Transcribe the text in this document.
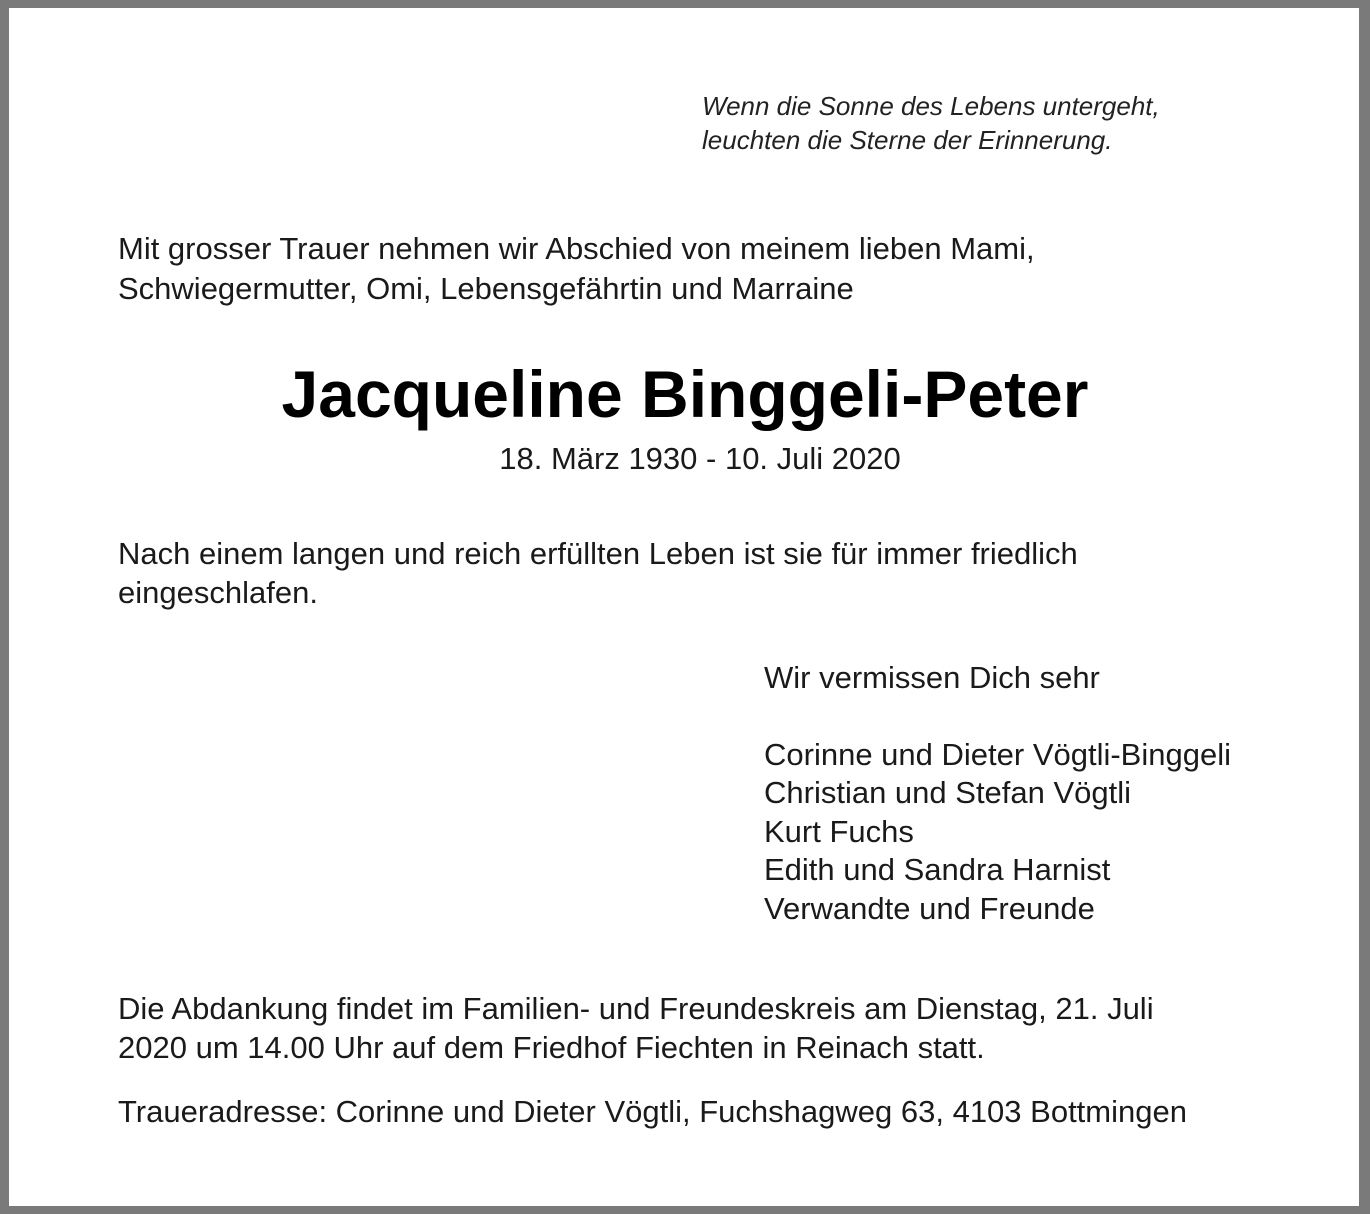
Wenn die Sonne des Lebens untergeht,
leuchten die Sterne der Erinnerung.
Mit grosser Trauer nehmen wir Abschied von meinem lieben Mami, Schwiegermutter, Omi, Lebensgefährtin und Marraine
Jacqueline Binggeli-Peter
18. März 1930 - 10. Juli 2020
Nach einem langen und reich erfüllten Leben ist sie für immer friedlich eingeschlafen.
Wir vermissen Dich sehr
Corinne und Dieter Vögtli-Binggeli
Christian und Stefan Vögtli
Kurt Fuchs
Edith und Sandra Harnist
Verwandte und Freunde
Die Abdankung findet im Familien- und Freundeskreis am Dienstag, 21. Juli 2020 um 14.00 Uhr auf dem Friedhof Fiechten in Reinach statt.
Traueradresse: Corinne und Dieter Vögtli, Fuchshagweg 63, 4103 Bottmingen
